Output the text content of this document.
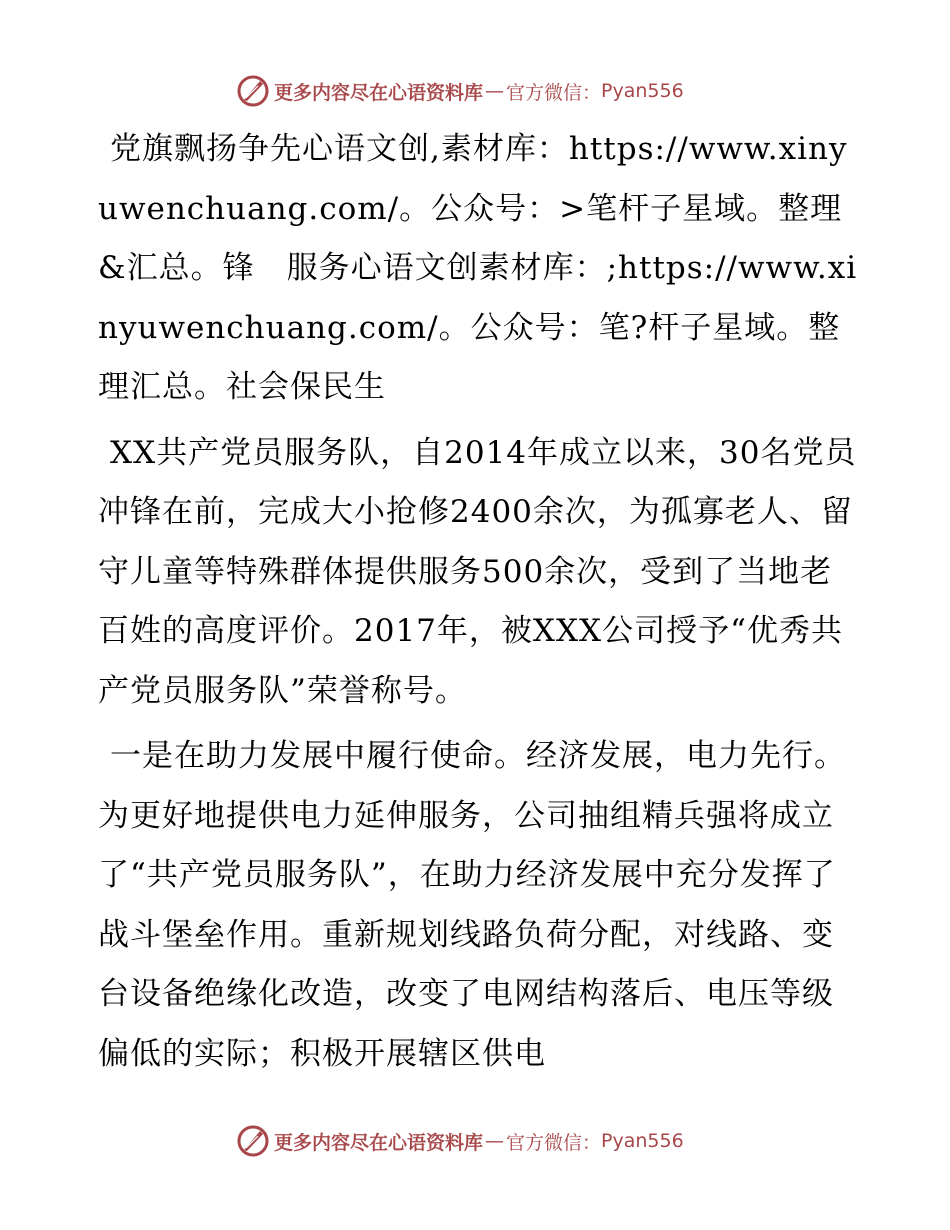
更多内容尽在心语资料库 — 官方微信： Pyan556

党旗飘扬争先心语文创,素材库：https://www.xinyuwenchuang.com/。公众号：>笔杆子星域。整理&汇总。锋　服务心语文创素材库：;https://www.xinyuwenchuang.com/。公众号：笔?杆子星域。整理汇总。社会保民生

XX共产党员服务队，自2014年成立以来，30名党员冲锋在前，完成大小抢修2400余次，为孤寡老人、留守儿童等特殊群体提供服务500余次，受到了当地老百姓的高度评价。2017年，被XXX公司授予“优秀共产党员服务队”荣誉称号。

一是在助力发展中履行使命。经济发展，电力先行。为更好地提供电力延伸服务，公司抽组精兵强将成立了“共产党员服务队”，在助力经济发展中充分发挥了战斗堡垒作用。重新规划线路负荷分配，对线路、变台设备绝缘化改造，改变了电网结构落后、电压等级偏低的实际；积极开展辖区供电

更多内容尽在心语资料库 — 官方微信： Pyan556
